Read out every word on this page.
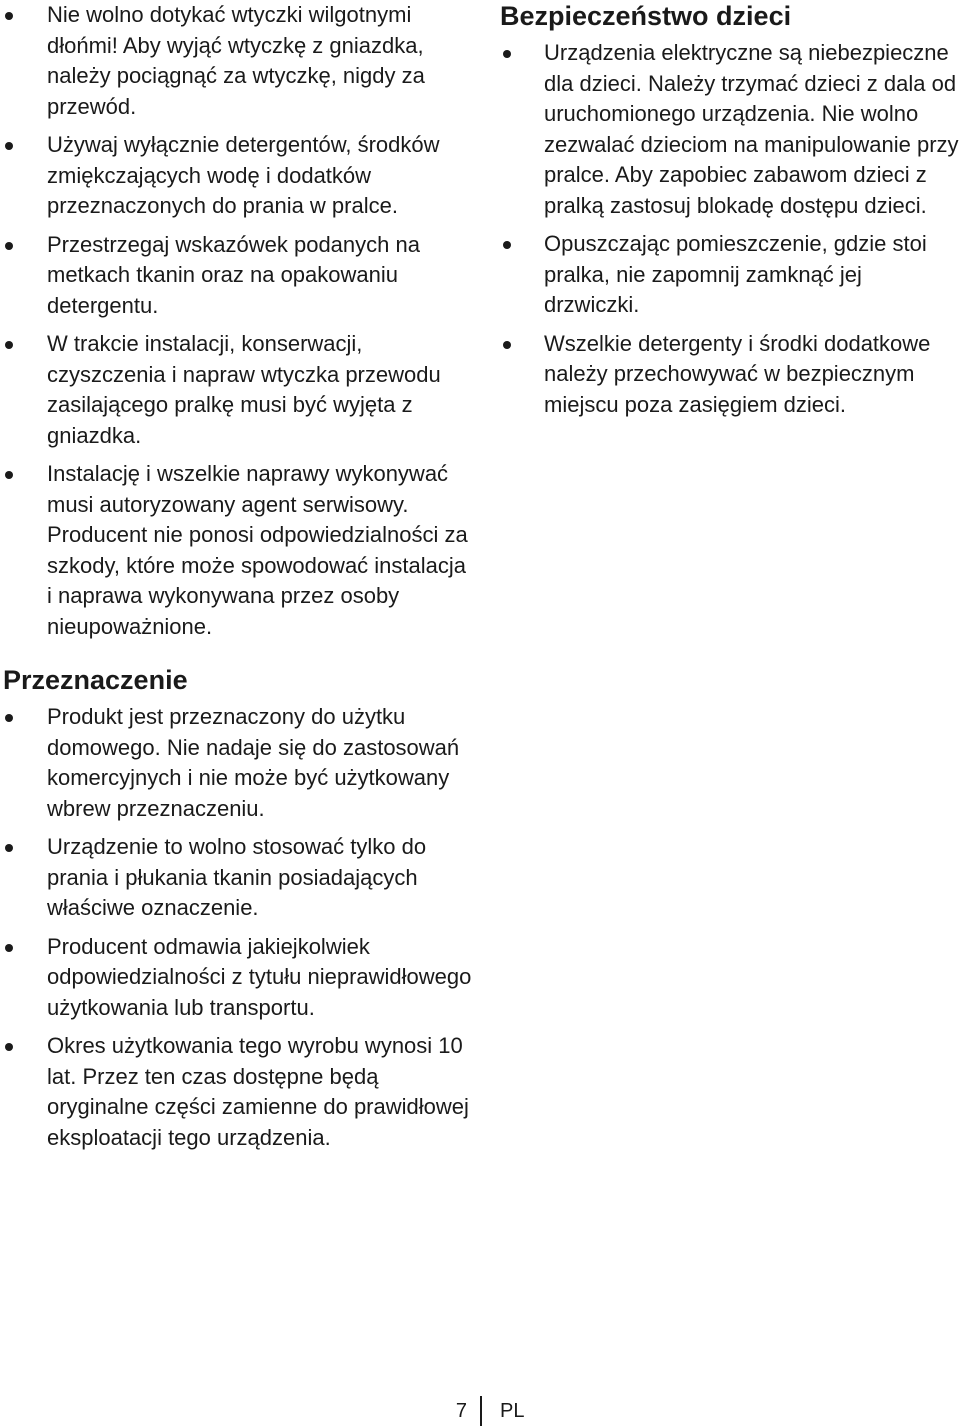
Nie wolno dotykać wtyczki wilgotnymi dłońmi! Aby wyjąć wtyczkę z gniazdka, należy pociągnąć za wtyczkę, nigdy za przewód.
Używaj wyłącznie detergentów, środków zmiękczających wodę i dodatków przeznaczonych do prania w pralce.
Przestrzegaj wskazówek podanych na metkach tkanin oraz na opakowaniu detergentu.
W trakcie instalacji, konserwacji, czyszczenia i napraw wtyczka przewodu zasilającego pralkę musi być wyjęta z gniazdka.
Instalację i wszelkie naprawy wykonywać musi autoryzowany agent serwisowy. Producent nie ponosi odpowiedzialności za szkody, które może spowodować instalacja i naprawa wykonywana przez osoby nieupoważnione.
Przeznaczenie
Produkt jest przeznaczony do użytku domowego. Nie nadaje się do zastosowań komercyjnych i nie może być użytkowany wbrew przeznaczeniu.
Urządzenie to wolno stosować tylko do prania i płukania tkanin posiadających właściwe oznaczenie.
Producent odmawia jakiejkolwiek odpowiedzialności z tytułu nieprawidłowego użytkowania lub transportu.
Okres użytkowania tego wyrobu wynosi 10 lat. Przez ten czas dostępne będą oryginalne części zamienne do prawidłowej eksploatacji tego urządzenia.
Bezpieczeństwo dzieci
Urządzenia elektryczne są niebezpieczne dla dzieci. Należy trzymać dzieci z dala od uruchomionego urządzenia. Nie wolno zezwalać dzieciom na manipulowanie przy pralce. Aby zapobiec zabawom dzieci z pralką zastosuj blokadę dostępu dzieci.
Opuszczając pomieszczenie, gdzie stoi pralka, nie zapomnij zamknąć jej drzwiczki.
Wszelkie detergenty i środki dodatkowe należy przechowywać w bezpiecznym miejscu poza zasięgiem dzieci.
7 PL
